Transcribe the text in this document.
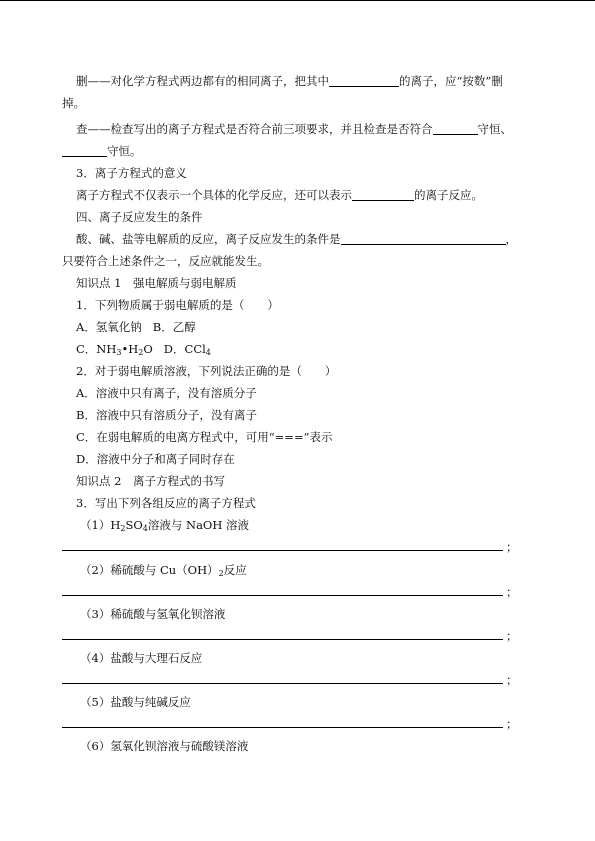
删——对化学方程式两边都有的相同离子，把其中	的离子，应“按数”删
掉。
查——检查写出的离子方程式是否符合前三项要求，并且检查是否符合	守恒、
守恒。
3．离子方程式的意义
离子方程式不仅表示一个具体的化学反应，还可以表示	的离子反应。
四、离子反应发生的条件
酸、碱、盐等电解质的反应，离子反应发生的条件是	，
只要符合上述条件之一，反应就能发生。
知识点 1　强电解质与弱电解质
1．下列物质属于弱电解质的是（　　）
A．氢氧化钠 B．乙醇
C．$NH_3•H_2O$ D．CCl$_4$
2．对于弱电解质溶液，下列说法正确的是（　　）
A．溶液中只有离子，没有溶质分子
B．溶液中只有溶质分子，没有离子
C．在弱电解质的电离方程式中，可用“===”表示
D．溶液中分子和离子同时存在
知识点 2　离子方程式的书写
3．写出下列各组反应的离子方程式
$(1)H_2SO_4$溶液与 NaOH 溶液
；
（2）稀硫酸与 $Cu(OH)_2$反应
；
（3）稀硫酸与氢氧化钡溶液
；
（4）盐酸与大理石反应
；
（5）盐酸与纯碱反应
；
（6）氢氧化钡溶液与硫酸镁溶液
